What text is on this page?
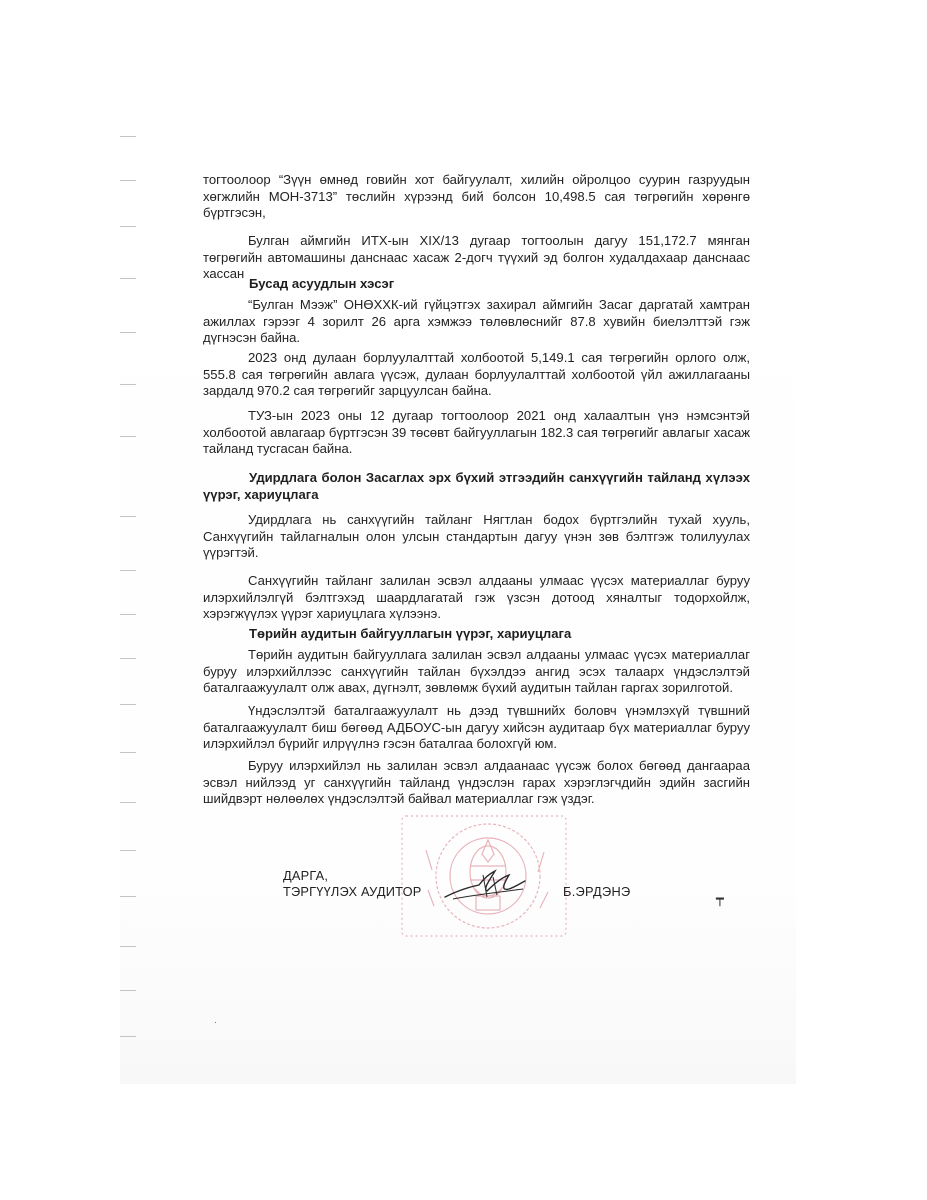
тогтоолоор “Зүүн өмнөд говийн хот байгуулалт, хилийн ойролцоо суурин газруудын хөгжлийн МОН-3713” төслийн хүрээнд бий болсон 10,498.5 сая төгрөгийн хөрөнгө бүртгэсэн,
Булган аймгийн ИТХ-ын XIX/13 дугаар тогтоолын дагуу 151,172.7 мянган төгрөгийн автомашины данснаас хасаж 2-догч түүхий эд болгон худалдахаар данснаас хассан
Бусад асуудлын хэсэг
“Булган Мээж” ОНӨХХК-ий гүйцэтгэх захирал аймгийн Засаг даргатай хамтран ажиллах гэрээг 4 зорилт 26 арга хэмжээ төлөвлөснийг 87.8 хувийн биелэлттэй гэж дүгнэсэн байна.
2023 онд дулаан борлуулалттай холбоотой 5,149.1 сая төгрөгийн орлого олж, 555.8 сая төгрөгийн авлага үүсэж, дулаан борлуулалттай холбоотой үйл ажиллагааны зардалд 970.2 сая төгрөгийг зарцуулсан байна.
ТУЗ-ын 2023 оны 12 дугаар тогтоолоор 2021 онд халаалтын үнэ нэмсэнтэй холбоотой авлагаар бүртгэсэн 39 төсөвт байгууллагын 182.3 сая төгрөгийг авлагыг хасаж тайланд тусгасан байна.
Удирдлага болон Засаглах эрх бүхий этгээдийн санхүүгийн тайланд хүлээх үүрэг, хариуцлага
Удирдлага нь санхүүгийн тайланг Нягтлан бодох бүртгэлийн тухай хууль, Санхүүгийн тайлагналын олон улсын стандартын дагуу үнэн зөв бэлтгэж толилуулах үүрэгтэй.
Санхүүгийн тайланг залилан эсвэл алдааны улмаас үүсэх материаллаг буруу илэрхийлэлгүй бэлтгэхэд шаардлагатай гэж үзсэн дотоод хяналтыг тодорхойлж, хэрэгжүүлэх үүрэг хариуцлага хүлээнэ.
Төрийн аудитын байгууллагын үүрэг, хариуцлага
Төрийн аудитын байгууллага залилан эсвэл алдааны улмаас үүсэх материаллаг буруу илэрхийллээс санхүүгийн тайлан бүхэлдээ ангид эсэх талаарх үндэслэлтэй баталгаажуулалт олж авах, дүгнэлт, зөвлөмж бүхий аудитын тайлан гаргах зорилготой.
Үндэслэлтэй баталгаажуулалт нь дээд түвшнийх боловч үнэмлэхүй түвшний баталгаажуулалт биш бөгөөд АДБОУС-ын дагуу хийсэн аудитаар бүх материаллаг буруу илэрхийлэл бүрийг илрүүлнэ гэсэн баталгаа болохгүй юм.
Буруу илэрхийлэл нь залилан эсвэл алдаанаас үүсэж болох бөгөөд дангаараа эсвэл нийлээд уг санхүүгийн тайланд үндэслэн гарах хэрэглэгчдийн эдийн засгийн шийдвэрт нөлөөлөх үндэслэлтэй байвал материаллаг гэж үздэг.
ДАРГА,
ТЭРГҮҮЛЭХ АУДИТОР	Б.ЭРДЭНЭ	┯
·
